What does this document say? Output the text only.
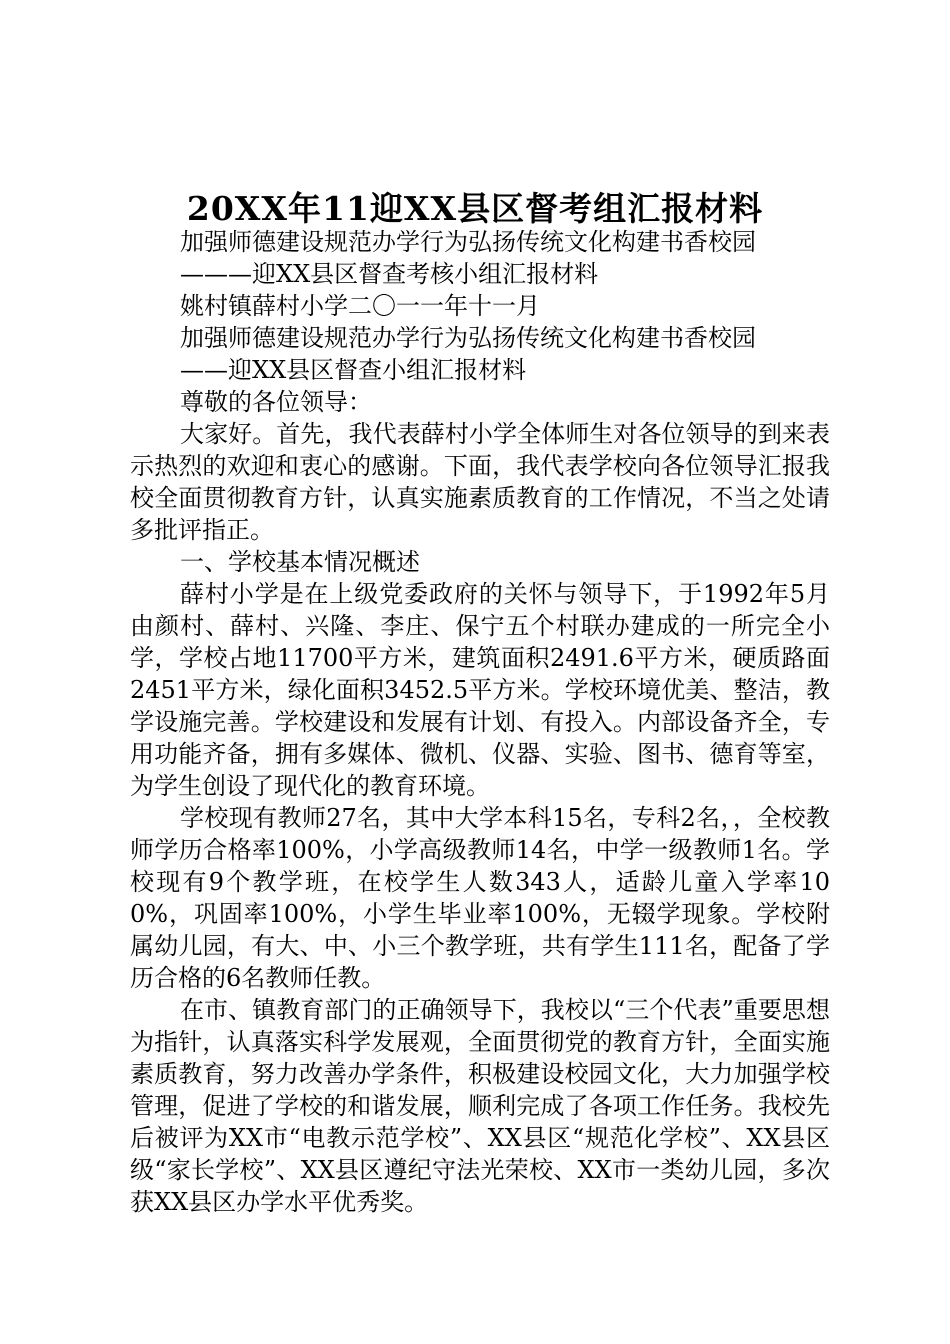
20XX年11迎XX县区督考组汇报材料

加强师德建设规范办学行为弘扬传统文化构建书香校园

———迎XX县区督查考核小组汇报材料

姚村镇薛村小学二〇一一年十一月

加强师德建设规范办学行为弘扬传统文化构建书香校园

——迎XX县区督查小组汇报材料

尊敬的各位领导：

大家好。首先，我代表薛村小学全体师生对各位领导的到来表示热烈的欢迎和衷心的感谢。下面，我代表学校向各位领导汇报我校全面贯彻教育方针，认真实施素质教育的工作情况，不当之处请多批评指正。

一、学校基本情况概述

薛村小学是在上级党委政府的关怀与领导下，于1992年5月由颜村、薛村、兴隆、李庄、保宁五个村联办建成的一所完全小学，学校占地11700平方米，建筑面积2491.6平方米，硬质路面2451平方米，绿化面积3452.5平方米。学校环境优美、整洁，教学设施完善。学校建设和发展有计划、有投入。内部设备齐全，专用功能齐备，拥有多媒体、微机、仪器、实验、图书、德育等室，为学生创设了现代化的教育环境。

学校现有教师27名，其中大学本科15名，专科2名，，全校教师学历合格率100%，小学高级教师14名，中学一级教师1名。学校现有9个教学班，在校学生人数343人，适龄儿童入学率100%，巩固率100%，小学生毕业率100%，无辍学现象。学校附属幼儿园，有大、中、小三个教学班，共有学生111名，配备了学历合格的6名教师任教。

在市、镇教育部门的正确领导下，我校以“三个代表”重要思想为指针，认真落实科学发展观，全面贯彻党的教育方针，全面实施素质教育，努力改善办学条件，积极建设校园文化，大力加强学校管理，促进了学校的和谐发展，顺利完成了各项工作任务。我校先后被评为XX市“电教示范学校”、XX县区“规范化学校”、XX县区级“家长学校”、XX县区遵纪守法光荣校、XX市一类幼儿园，多次获XX县区办学水平优秀奖。
